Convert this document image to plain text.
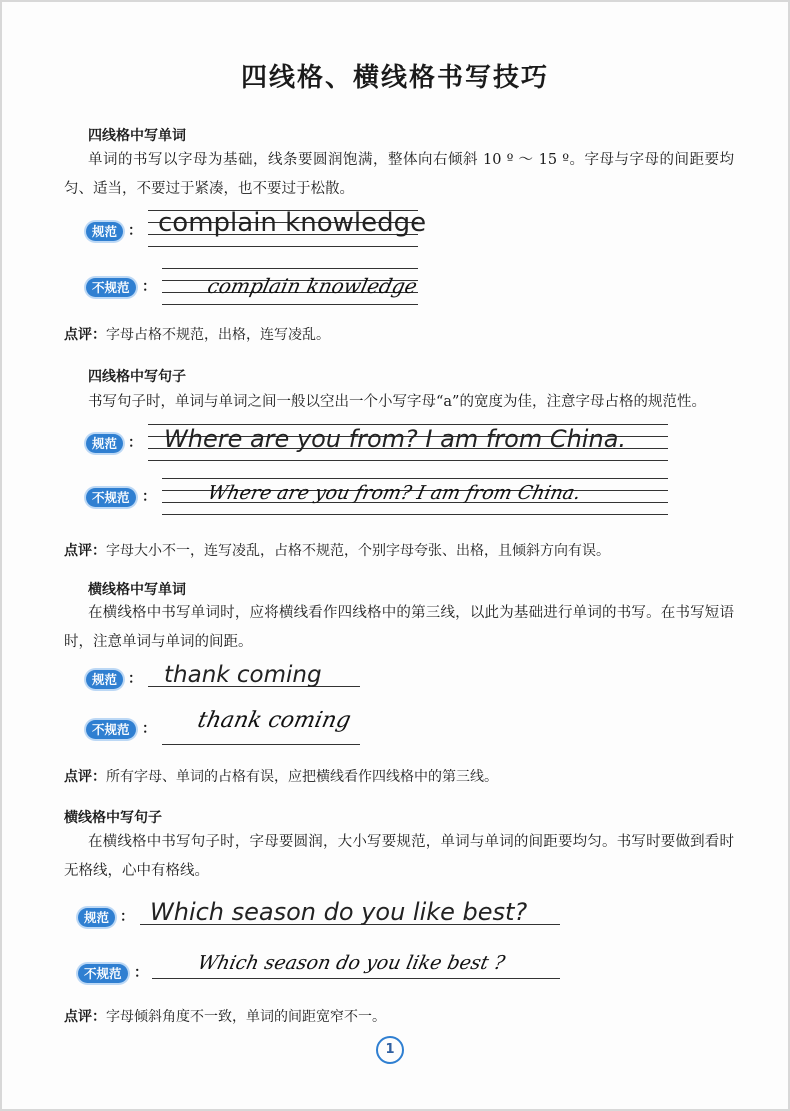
四线格、横线格书写技巧
四线格中写单词
单词的书写以字母为基础，线条要圆润饱满，整体向右倾斜 10 º ～ 15 º。字母与字母的间距要均匀、适当，不要过于紧凑，也不要过于松散。
规范 ： complain knowledge
不规范 ： complain knowledge
点评：字母占格不规范，出格，连写凌乱。
四线格中写句子
书写句子时，单词与单词之间一般以空出一个小写字母“a”的宽度为佳，注意字母占格的规范性。
规范 ： Where are you from? I am from China.
不规范 ：	Where are you from? I am from China.
点评：字母大小不一，连写凌乱，占格不规范，个别字母夸张、出格，且倾斜方向有误。
横线格中写单词
在横线格中书写单词时，应将横线看作四线格中的第三线，以此为基础进行单词的书写。在书写短语时，注意单词与单词的间距。
规范 ： thank coming
不规范 ： thank coming
点评：所有字母、单词的占格有误，应把横线看作四线格中的第三线。
横线格中写句子
在横线格中书写句子时，字母要圆润，大小写要规范，单词与单词的间距要均匀。书写时要做到看时无格线，心中有格线。
规范 ： Which season do you like best?
不规范 ：	Which season do you like best ?
点评：字母倾斜角度不一致，单词的间距宽窄不一。
1
